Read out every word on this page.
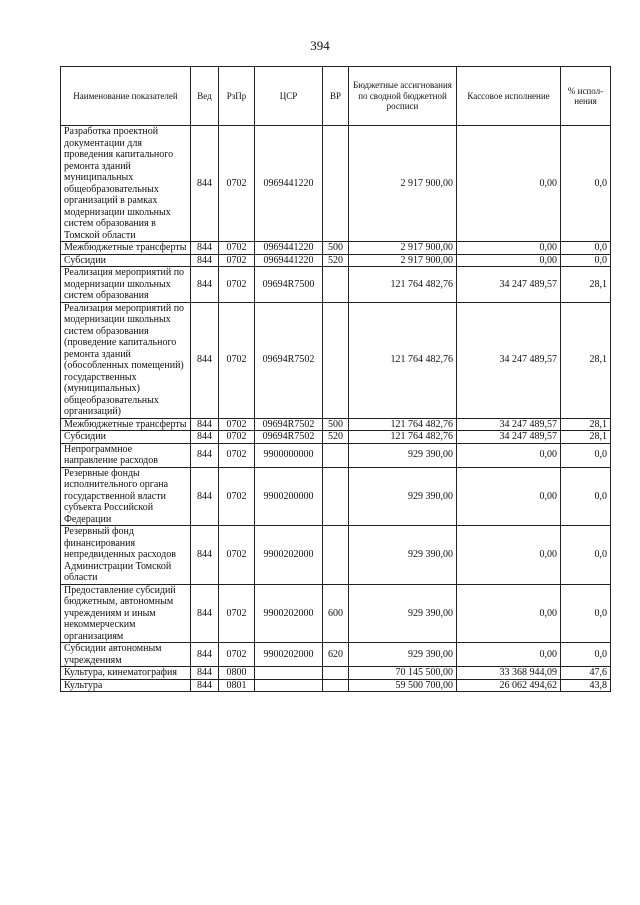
394
Наименование показателей	Вед	РзПр	ЦСР	ВР	Бюджетные ассигнования по сводной бюджетной росписи	Кассовое исполнение	% испол-нения
Разработка проектной документации для проведения капитального ремонта зданий муниципальных общеобразовательных организаций в рамках модернизации школьных систем образования в Томской области	844	0702	0969441220		2 917 900,00	0,00	0,0
Межбюджетные трансферты	844	0702	0969441220	500	2 917 900,00	0,00	0,0
Субсидии	844	0702	0969441220	520	2 917 900,00	0,00	0,0
Реализация мероприятий по модернизации школьных систем образования	844	0702	09694R7500		121 764 482,76	34 247 489,57	28,1
Реализация мероприятий по модернизации школьных систем образования (проведение капитального ремонта зданий (обособленных помещений) государственных (муниципальных) общеобразовательных организаций)	844	0702	09694R7502		121 764 482,76	34 247 489,57	28,1
Межбюджетные трансферты	844	0702	09694R7502	500	121 764 482,76	34 247 489,57	28,1
Субсидии	844	0702	09694R7502	520	121 764 482,76	34 247 489,57	28,1
Непрограммное направление расходов	844	0702	9900000000		929 390,00	0,00	0,0
Резервные фонды исполнительного органа государственной власти субъекта Российской Федерации	844	0702	9900200000		929 390,00	0,00	0,0
Резервный фонд финансирования непредвиденных расходов Администрации Томской области	844	0702	9900202000		929 390,00	0,00	0,0
Предоставление субсидий бюджетным, автономным учреждениям и иным некоммерческим организациям	844	0702	9900202000	600	929 390,00	0,00	0,0
Субсидии автономным учреждениям	844	0702	9900202000	620	929 390,00	0,00	0,0
Культура, кинематография	844	0800			70 145 500,00	33 368 944,09	47,6
Культура	844	0801			59 500 700,00	26 062 494,62	43,8
